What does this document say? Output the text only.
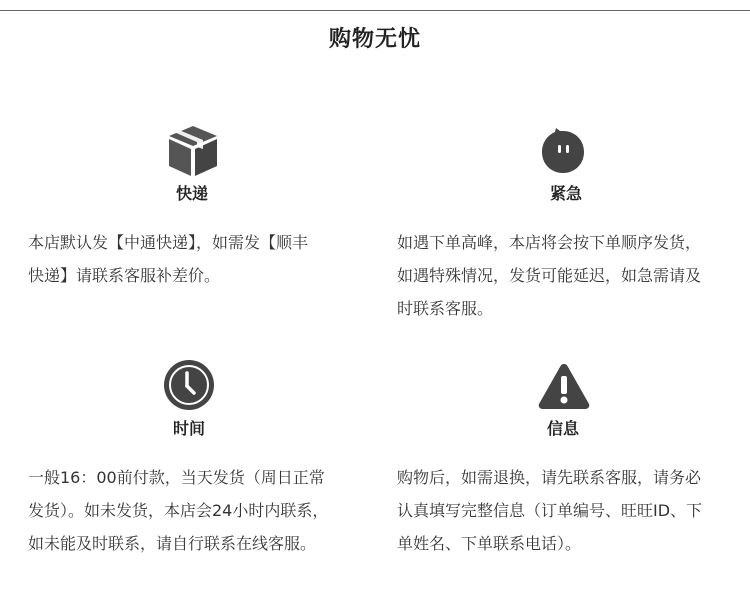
购物无忧
快递

本店默认发【中通快递】，如需发【顺丰

快递】请联系客服补差价。

紧急

如遇下单高峰，本店将会按下单顺序发货，

如遇特殊情况，发货可能延迟，如急需请及

时联系客服。

时间

一般16：00前付款，当天发货（周日正常

发货）。如未发货，本店会24小时内联系，

如未能及时联系，请自行联系在线客服。

信息

购物后，如需退换，请先联系客服，请务必

认真填写完整信息（订单编号、旺旺ID、下

单姓名、下单联系电话）。
